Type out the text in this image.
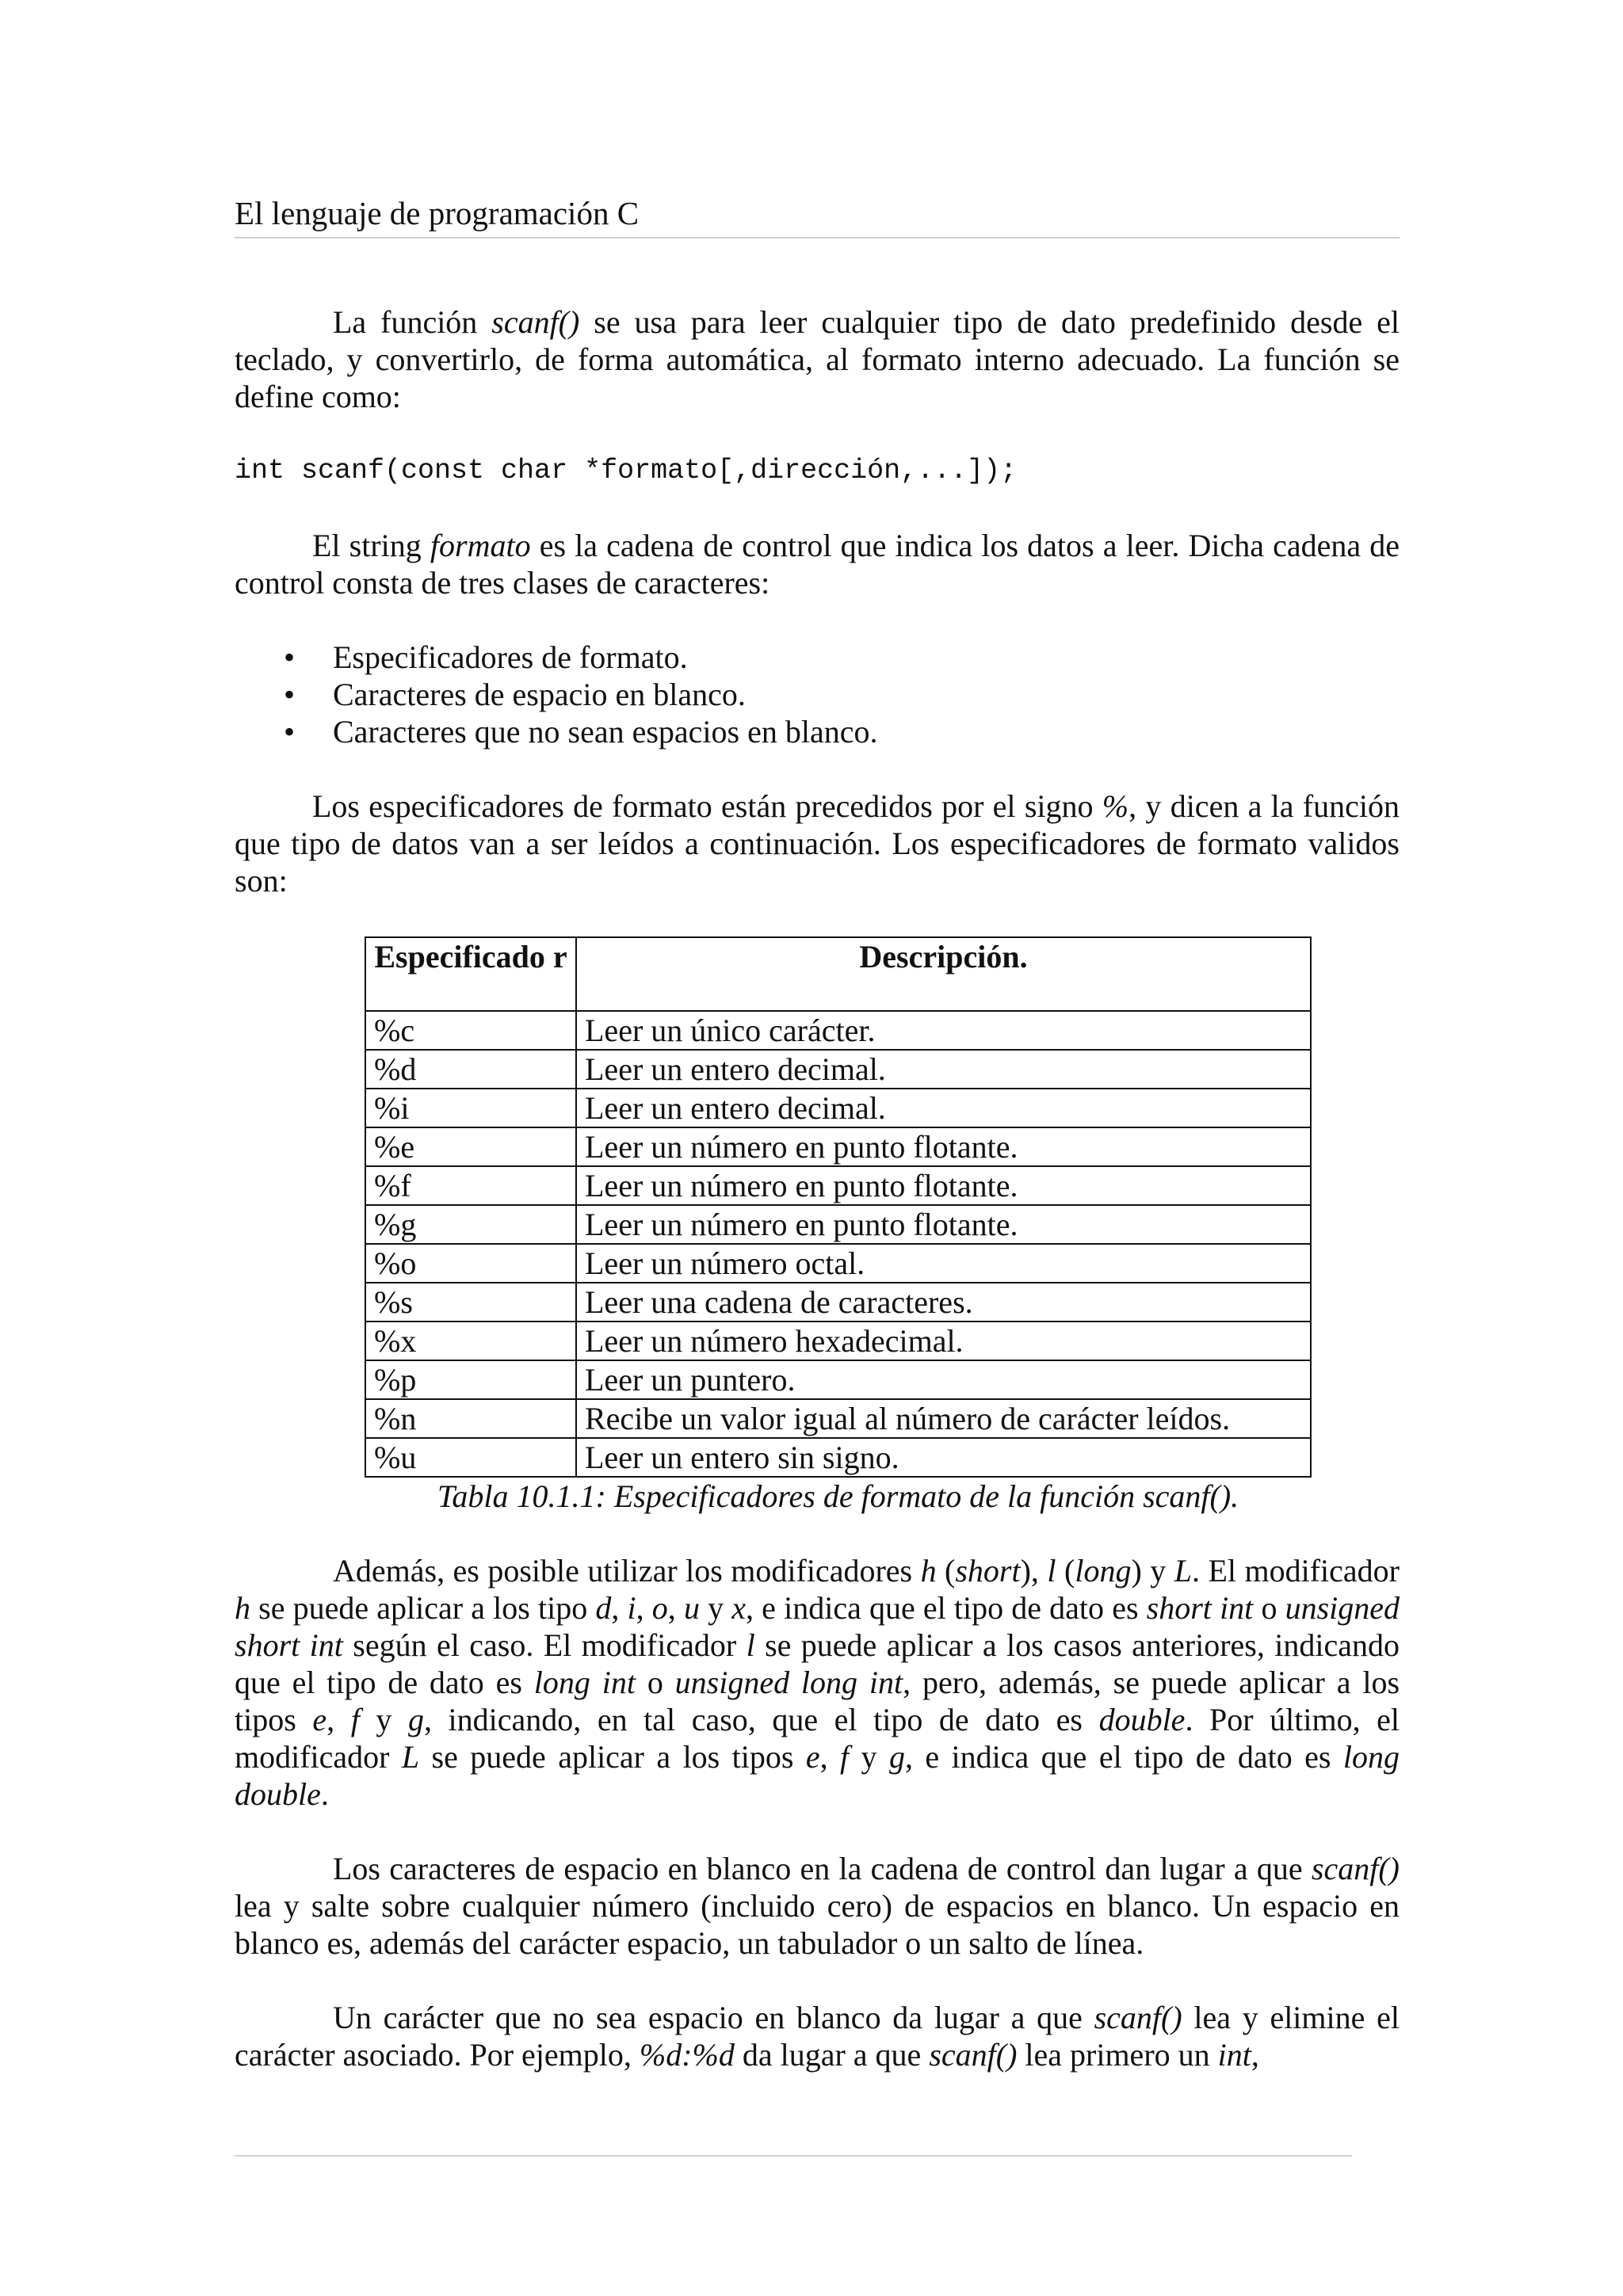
El lenguaje de programación C

La función scanf() se usa para leer cualquier tipo de dato predefinido desde el teclado, y convertirlo, de forma automática, al formato interno adecuado. La función se define como:

int scanf(const char *formato[,dirección,...]);

El string formato es la cadena de control que indica los datos a leer. Dicha cadena de control consta de tres clases de caracteres:

• Especificadores de formato.
• Caracteres de espacio en blanco.
• Caracteres que no sean espacios en blanco.

Los especificadores de formato están precedidos por el signo %, y dicen a la función que tipo de datos van a ser leídos a continuación. Los especificadores de formato validos son:

Especificado r	Descripción.
%c	Leer un único carácter.
%d	Leer un entero decimal.
%i	Leer un entero decimal.
%e	Leer un número en punto flotante.
%f	Leer un número en punto flotante.
%g	Leer un número en punto flotante.
%o	Leer un número octal.
%s	Leer una cadena de caracteres.
%x	Leer un número hexadecimal.
%p	Leer un puntero.
%n	Recibe un valor igual al número de carácter leídos.
%u	Leer un entero sin signo.
Tabla 10.1.1: Especificadores de formato de la función scanf().

Además, es posible utilizar los modificadores h (short), l (long) y L. El modificador h se puede aplicar a los tipo d, i, o, u y x, e indica que el tipo de dato es short int o unsigned short int según el caso. El modificador l se puede aplicar a los casos anteriores, indicando que el tipo de dato es long int o unsigned long int, pero, además, se puede aplicar a los tipos e, f y g, indicando, en tal caso, que el tipo de dato es double. Por último, el modificador L se puede aplicar a los tipos e, f y g, e indica que el tipo de dato es long double.

Los caracteres de espacio en blanco en la cadena de control dan lugar a que scanf() lea y salte sobre cualquier número (incluido cero) de espacios en blanco. Un espacio en blanco es, además del carácter espacio, un tabulador o un salto de línea.

Un carácter que no sea espacio en blanco da lugar a que scanf() lea y elimine el carácter asociado. Por ejemplo, %d:%d da lugar a que scanf() lea primero un int,
